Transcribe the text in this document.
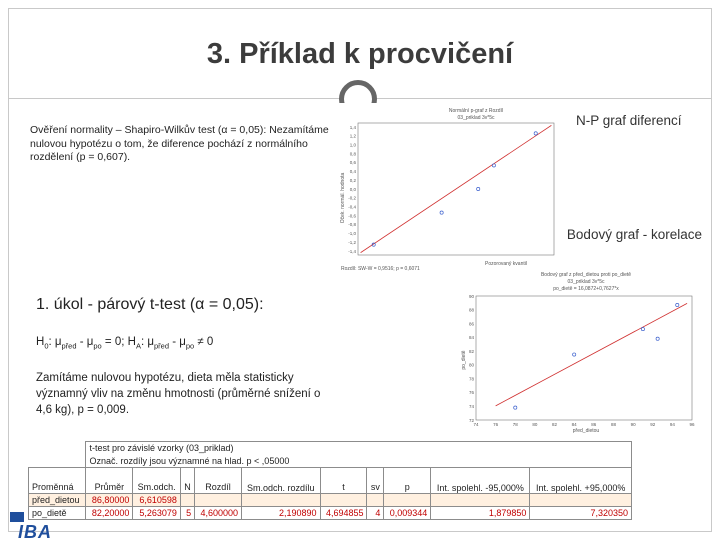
3. Příklad k procvičení
Ověření normality – Shapiro-Wilkův test (α = 0,05): Nezamítáme nulovou hypotézu o tom, že diference pochází z normálního rozdělení (p = 0,607).
N-P graf diferencí
Bodový graf - korelace
1. úkol - párový t-test (α = 0,05):
$H_0$: $\mu_{před} - \mu_{po} = 0$; $H_A$: $\mu_{před} - \mu_{po} \ne 0$
Zamítáme nulovou hypotézu, dieta měla statisticky významný vliv na změnu hmotnosti (průměrné snížení o 4,6 kg), p = 0,009.
Normální p-graf z Rozdíl
03_priklad 3v*5c
1,4
1,2
1,0
0,8
0,6
0,4
0,2
0,0
-0,2
-0,4
-0,6
-0,8
-1,0
-1,2
-1,4
Oček. normál. hodnota
Pozorovaný kvantil
Rozdíl: SW-W = 0,9516; p = 0,6071
Bodový graf z před_dietou proti po_dietě
03_priklad 3v*5c
po_dietě = 16,0872+0,7627*x
74	76	78	80	82	84	86	88	90	92	94	96
90
88
86
84
82
80
78
76
74
72
po_dietě
před_dietou
	t-test pro závislé vzorky (03_priklad)									
	Označ. rozdíly jsou významné na hlad. p < ,05000									
Proměnná	Průměr	Sm.odch.	N	Rozdíl	Sm.odch. rozdílu	t	sv	p	Int. spolehl. -95,000%	Int. spolehl. +95,000%
před_dietou	86,80000	6,610598								
po_dietě	82,20000	5,263079	5	4,600000	2,190890	4,694855	4	0,009344	1,879850	7,320350
IBA
